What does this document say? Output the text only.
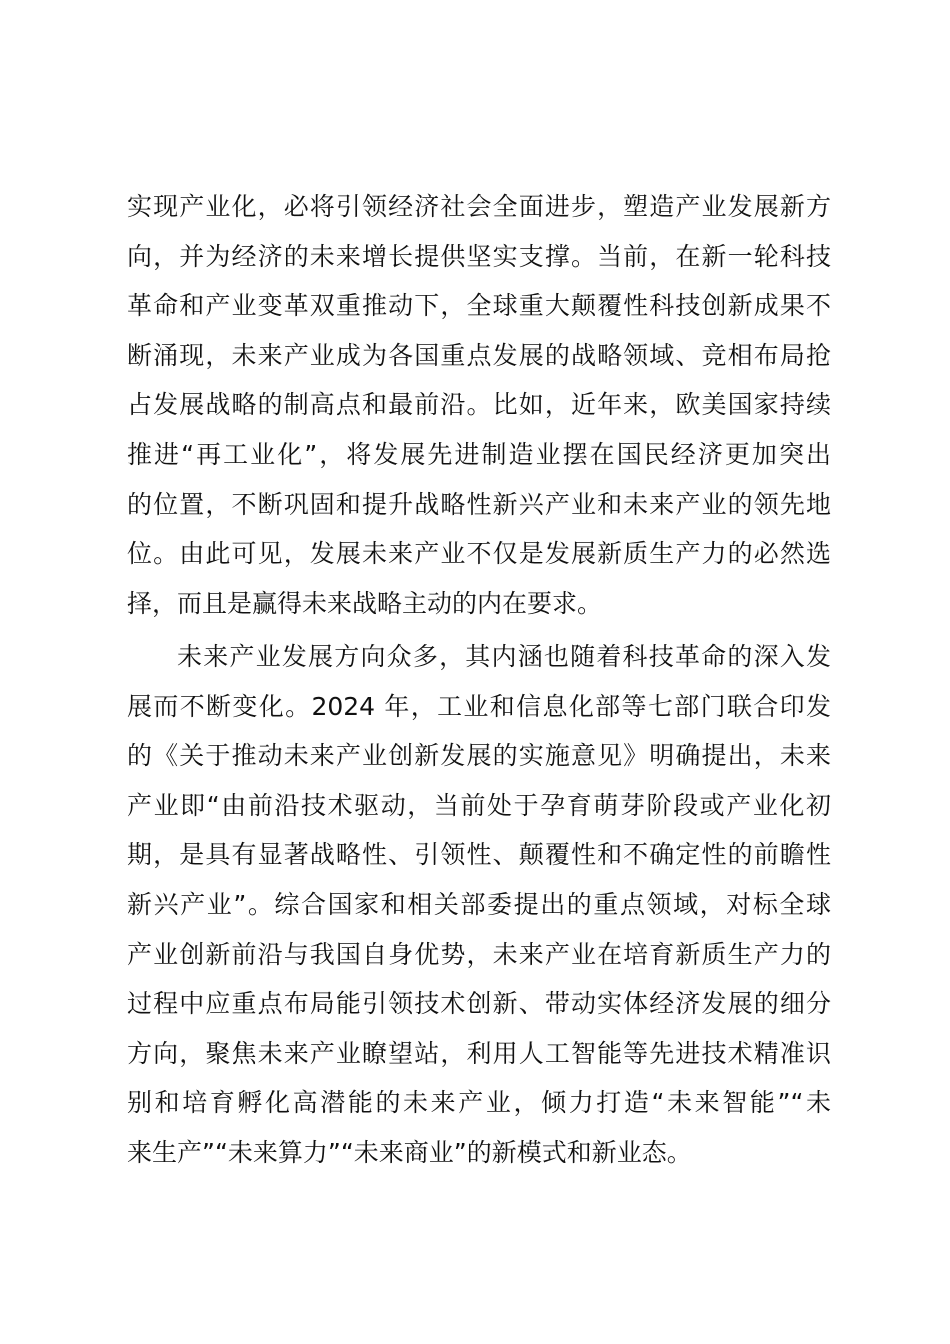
实现产业化，必将引领经济社会全面进步，塑造产业发展新方
向，并为经济的未来增长提供坚实支撑。当前，在新一轮科技
革命和产业变革双重推动下，全球重大颠覆性科技创新成果不
断涌现，未来产业成为各国重点发展的战略领域、竞相布局抢
占发展战略的制高点和最前沿。比如，近年来，欧美国家持续
推进“再工业化”，将发展先进制造业摆在国民经济更加突出
的位置，不断巩固和提升战略性新兴产业和未来产业的领先地
位。由此可见，发展未来产业不仅是发展新质生产力的必然选
择，而且是赢得未来战略主动的内在要求。
未来产业发展方向众多，其内涵也随着科技革命的深入发
展而不断变化。2024 年，工业和信息化部等七部门联合印发
的《关于推动未来产业创新发展的实施意见》明确提出，未来
产业即“由前沿技术驱动，当前处于孕育萌芽阶段或产业化初
期，是具有显著战略性、引领性、颠覆性和不确定性的前瞻性
新兴产业”。综合国家和相关部委提出的重点领域，对标全球
产业创新前沿与我国自身优势，未来产业在培育新质生产力的
过程中应重点布局能引领技术创新、带动实体经济发展的细分
方向，聚焦未来产业瞭望站，利用人工智能等先进技术精准识
别和培育孵化高潜能的未来产业，倾力打造“未来智能”“未
来生产”“未来算力”“未来商业”的新模式和新业态。
